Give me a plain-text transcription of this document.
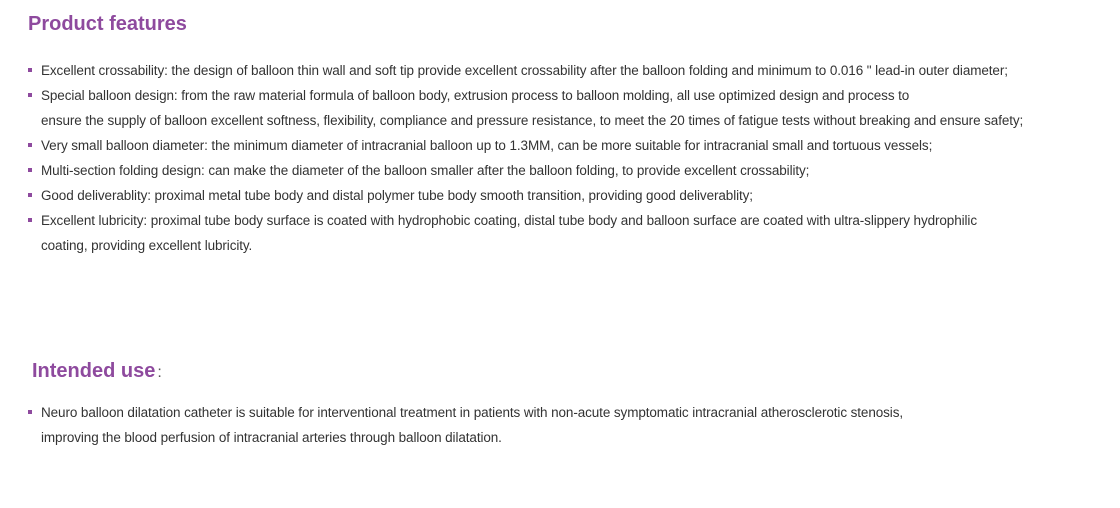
Product features
Excellent crossability: the design of balloon thin wall and soft tip provide excellent crossability after the balloon folding and minimum to 0.016 " lead-in outer diameter;
Special balloon design: from the raw material formula of balloon body, extrusion process to balloon molding, all use optimized design and process to
ensure the supply of balloon excellent softness, flexibility, compliance and pressure resistance, to meet the 20 times of fatigue tests without breaking and ensure safety;
Very small balloon diameter: the minimum diameter of intracranial balloon up to 1.3MM, can be more suitable for intracranial small and tortuous vessels;
Multi-section folding design: can make the diameter of the balloon smaller after the balloon folding, to provide excellent crossability;
Good deliverablity: proximal metal tube body and distal polymer tube body smooth transition, providing good deliverablity;
Excellent lubricity: proximal tube body surface is coated with hydrophobic coating, distal tube body and balloon surface are coated with ultra-slippery hydrophilic
coating, providing excellent lubricity.
Intended use :
Neuro balloon dilatation catheter is suitable for interventional treatment in patients with non-acute symptomatic intracranial atherosclerotic stenosis,
improving the blood perfusion of intracranial arteries through balloon dilatation.
